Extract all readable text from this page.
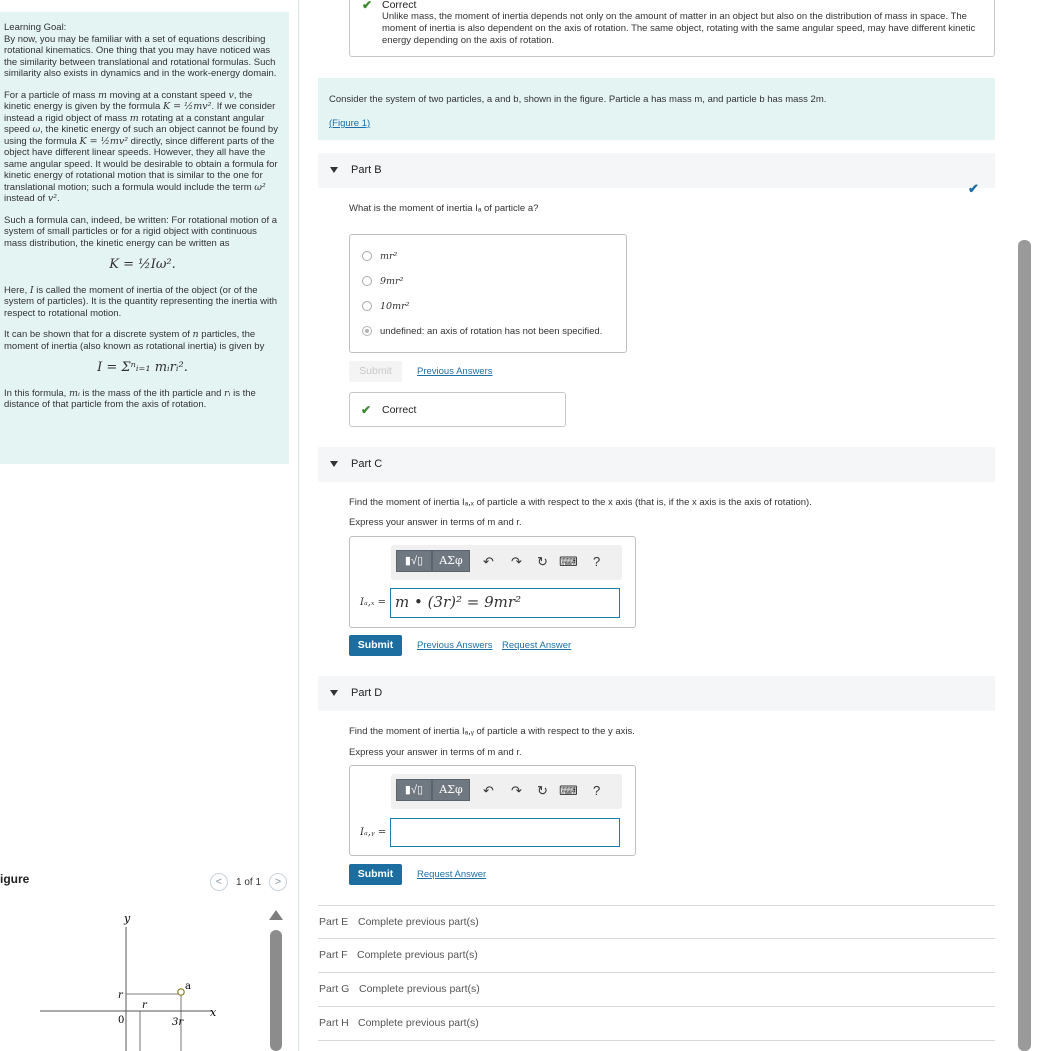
Learning Goal:
By now, you may be familiar with a set of equations describing rotational kinematics. One thing that you may have noticed was the similarity between translational and rotational formulas. Such similarity also exists in dynamics and in the work-energy domain.

For a particle of mass m moving at a constant speed v, the kinetic energy is given by the formula K = ½mv². If we consider instead a rigid object of mass m rotating at a constant angular speed ω, the kinetic energy of such an object cannot be found by using the formula K = ½mv² directly, since different parts of the object have different linear speeds. However, they all have the same angular speed. It would be desirable to obtain a formula for kinetic energy of rotational motion that is similar to the one for translational motion; such a formula would include the term ω² instead of v².

Such a formula can, indeed, be written: For rotational motion of a system of small particles or for a rigid object with continuous mass distribution, the kinetic energy can be written as

K = ½Iω².

Here, I is called the moment of inertia of the object (or of the system of particles). It is the quantity representing the inertia with respect to rotational motion.

It can be shown that for a discrete system of n particles, the moment of inertia (also known as rotational inertia) is given by

I = Σⁿᵢ₌₁ mᵢrᵢ².

In this formula, mᵢ is the mass of the ith particle and rᵢ is the distance of that particle from the axis of rotation.

igure	<	1 of 1	>
y
x
0
r
r
3r
a
✔ Correct
Unlike mass, the moment of inertia depends not only on the amount of matter in an object but also on the distribution of mass in space. The moment of inertia is also dependent on the axis of rotation. The same object, rotating with the same angular speed, may have different kinetic energy depending on the axis of rotation.
Consider the system of two particles, a and b, shown in the figure. Particle a has mass m, and particle b has mass 2m.
(Figure 1)
Part B
✔
What is the moment of inertia Iₐ of particle a?
mr²
9mr²
10mr²
undefined: an axis of rotation has not been specified.
Submit	Previous Answers
✔ Correct
Part C
Find the moment of inertia Iₐ,ₓ of particle a with respect to the x axis (that is, if the x axis is the axis of rotation).
Express your answer in terms of m and r.
▮√▯	ΑΣφ	↶ ↷ ↻ ⌨ ?
Iₐ,ₓ = m • (3r)² = 9mr²
Submit	Previous Answers Request Answer
Part D
Find the moment of inertia Iₐ,ᵧ of particle a with respect to the y axis.
Express your answer in terms of m and r.
▮√▯	ΑΣφ	↶ ↷ ↻ ⌨ ?
Iₐ,ᵧ =
Submit	Request Answer
Part E Complete previous part(s)
Part F Complete previous part(s)
Part G Complete previous part(s)
Part H Complete previous part(s)
